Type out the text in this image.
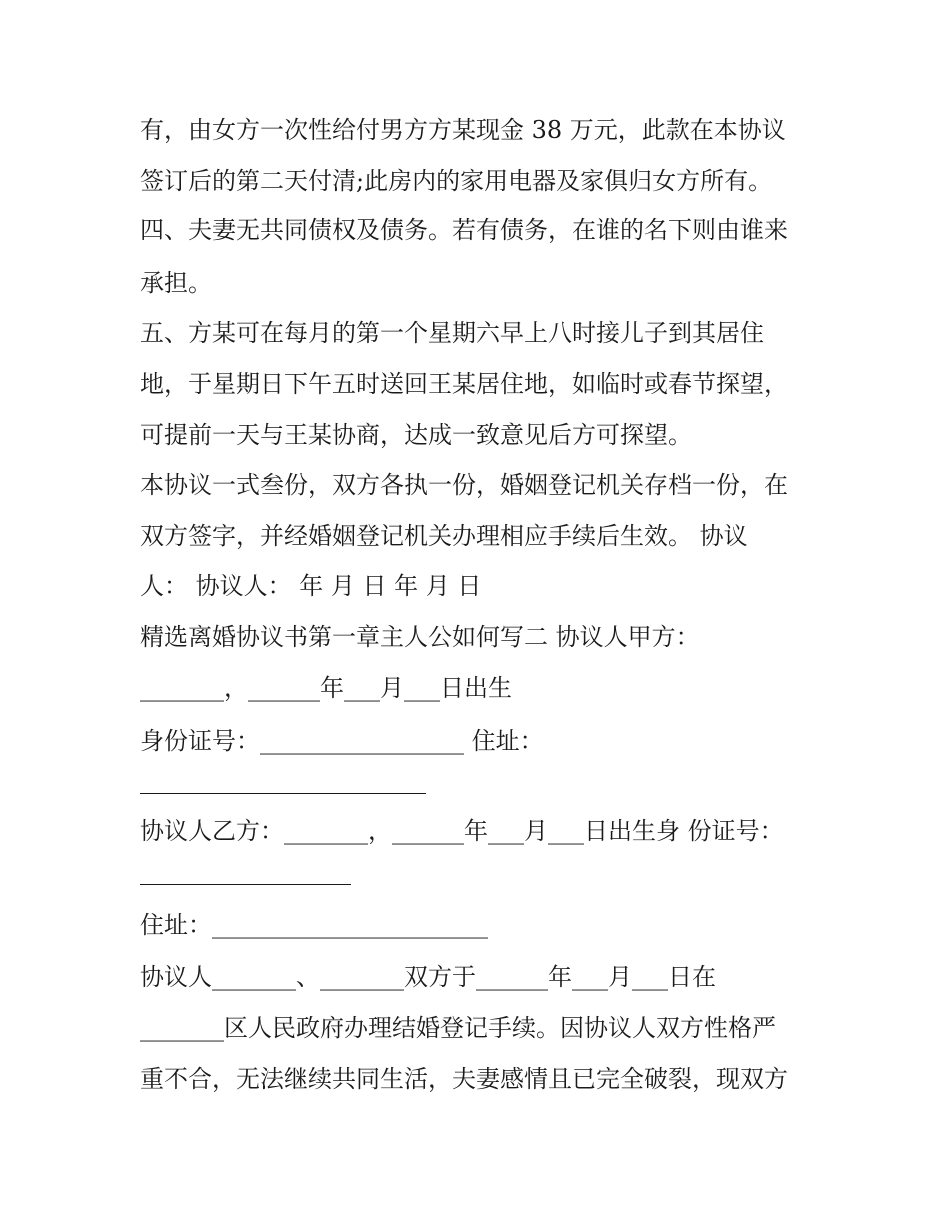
有，由女方一次性给付男方方某现金 38 万元，此款在本协议
签订后的第二天付清;此房内的家用电器及家俱归女方所有。
四、夫妻无共同债权及债务。若有债务，在谁的名下则由谁来
承担。
五、方某可在每月的第一个星期六早上八时接儿子到其居住
地，于星期日下午五时送回王某居住地，如临时或春节探望，
可提前一天与王某协商，达成一致意见后方可探望。
本协议一式叁份，双方各执一份，婚姻登记机关存档一份，在
双方签字，并经婚姻登记机关办理相应手续后生效。 协议
人： 协议人： 年 月 日 年 月 日
精选离婚协议书第一章主人公如何写二 协议人甲方：
_______，______年___月___日出生
身份证号：_________________ 住址：
协议人乙方：_______，______年___月___日出生身 份证号：
住址：_______________________
协议人_______、_______双方于______年___月___日在
_______区人民政府办理结婚登记手续。因协议人双方性格严
重不合，无法继续共同生活，夫妻感情且已完全破裂，现双方
